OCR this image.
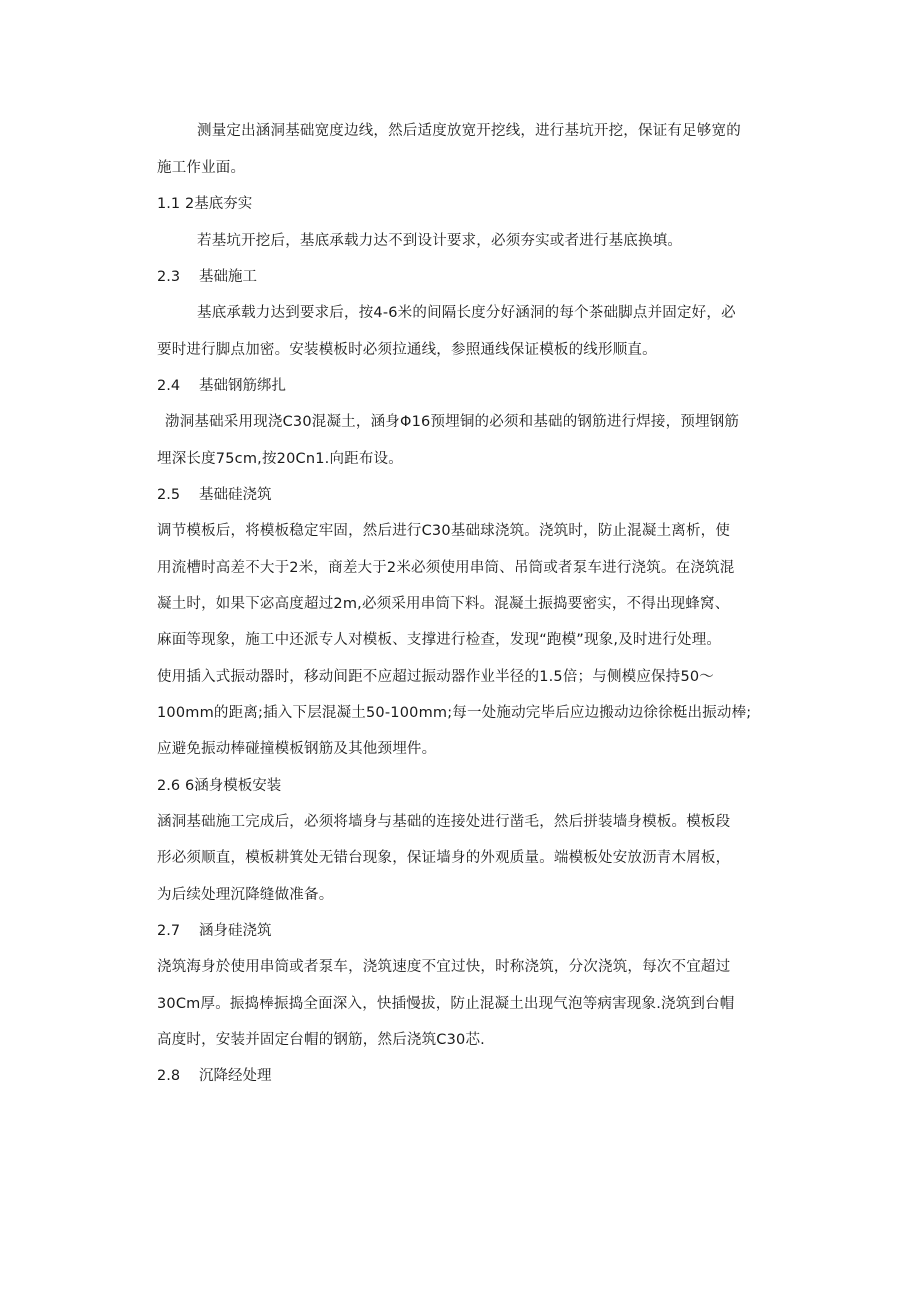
测量定出涵洞基础宽度边线，然后适度放宽开挖线，进行基坑开挖，保证有足够宽的
施工作业面。
1.1 2基底夯实
若基坑开挖后，基底承载力达不到设计要求，必须夯实或者进行基底换填。
2.3 基础施工
基底承载力达到要求后，按4-6米的间隔长度分好涵洞的每个茶础脚点并固定好，必
要时进行脚点加密。安装模板时必须拉通线，参照通线保证模板的线形顺直。
2.4 基础钢筋绑扎
渤洞基础采用现浇C30混凝土，涵身Φ16预埋铜的必须和基础的钢筋进行焊接，预埋钢筋
埋深长度75cm,按20Cn1.向距布设。
2.5 基础硅浇筑
调节模板后，将模板稳定牢固，然后进行C30基础球浇筑。浇筑时，防止混凝土离析，使
用流槽时高差不大于2米，商差大于2米必须使用串筒、吊筒或者泵车进行浇筑。在浇筑混
凝土时，如果下宓高度超过2m,必须采用串筒下料。混凝土振捣要密实，不得出现蜂窝、
麻面等现象，施工中还派专人对模板、支撑进行检查，发现“跑模”现象,及时进行处理。
使用插入式振动器时，移动间距不应超过振动器作业半径的1.5倍；与侧模应保持50〜
100mm的距离;插入下层混凝土50-100mm;每一处施动完毕后应边搬动边徐徐梃出振动棒;
应避免振动棒碰撞模板钢筋及其他颈埋件。
2.6 6涵身模板安装
涵洞基础施工完成后，必须将墙身与基础的连接处进行凿毛，然后拼装墙身模板。模板段
形必须顺直，模板耕箕处无错台现象，保证墙身的外观质量。端模板处安放沥青木屑板，
为后续处理沉降缝做准备。
2.7 涵身硅浇筑
浇筑海身於使用串筒或者泵车，浇筑速度不宜过快，时称浇筑，分次浇筑，每次不宜超过
30Cm厚。振捣棒振捣全面深入，快插慢拔，防止混凝土出现气泡等病害现象.浇筑到台帽
高度时，安装并固定台帽的钢筋，然后浇筑C30芯.
2.8 沉降经处理
